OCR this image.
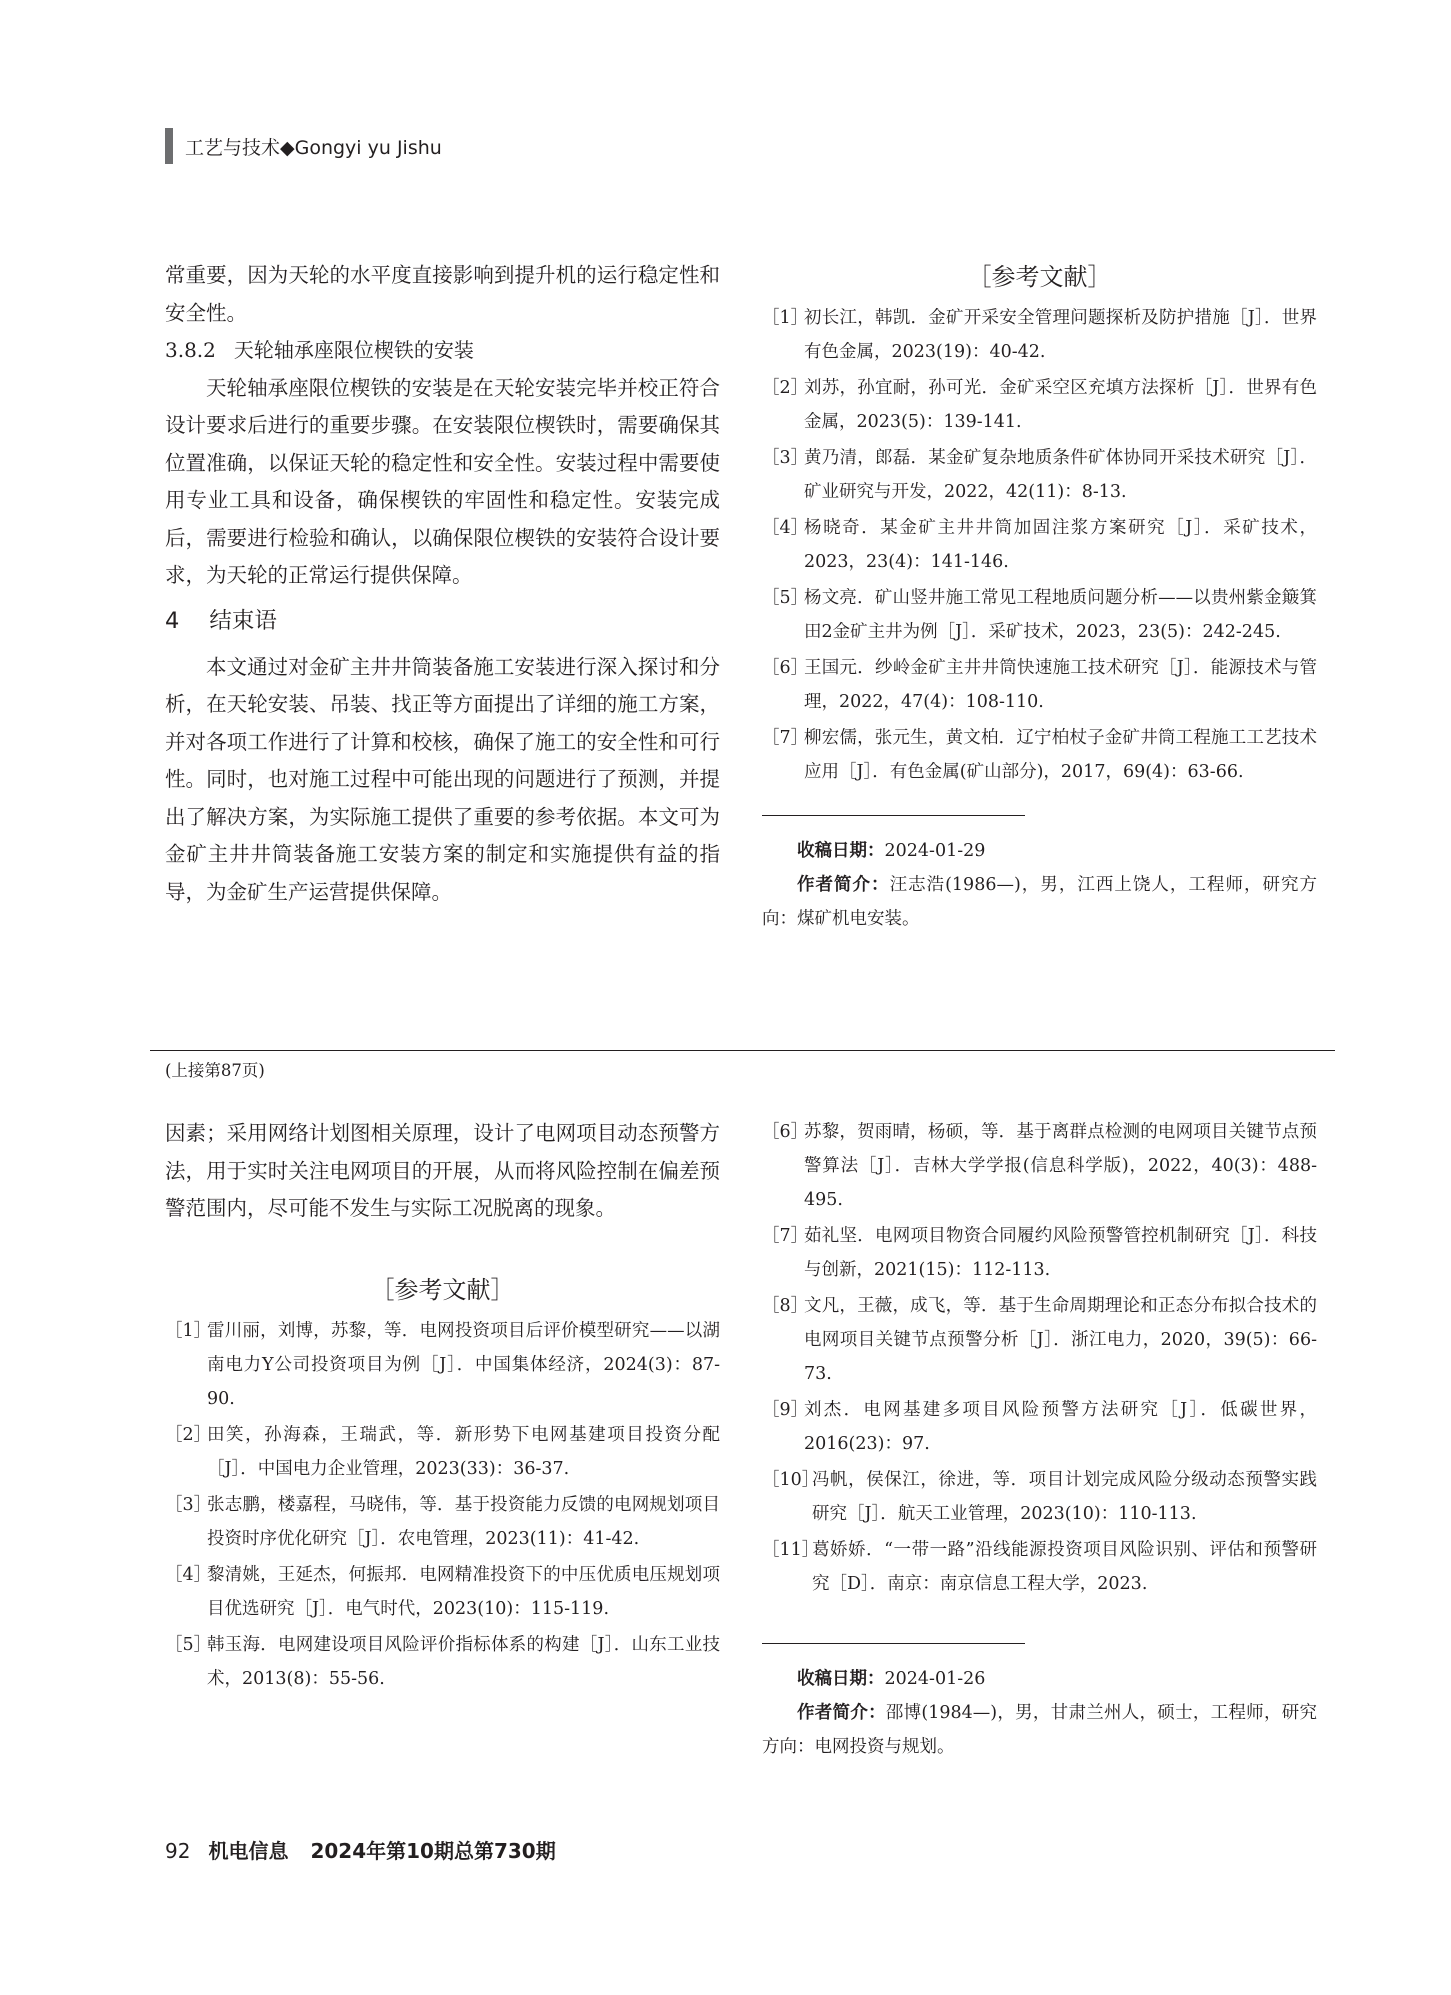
工艺与技术◆Gongyi yu Jishu

常重要，因为天轮的水平度直接影响到提升机的运行稳定性和安全性。

3.8.2 天轮轴承座限位楔铁的安装

天轮轴承座限位楔铁的安装是在天轮安装完毕并校正符合设计要求后进行的重要步骤。在安装限位楔铁时，需要确保其位置准确，以保证天轮的稳定性和安全性。安装过程中需要使用专业工具和设备，确保楔铁的牢固性和稳定性。安装完成后，需要进行检验和确认，以确保限位楔铁的安装符合设计要求，为天轮的正常运行提供保障。

4 结束语

本文通过对金矿主井井筒装备施工安装进行深入探讨和分析，在天轮安装、吊装、找正等方面提出了详细的施工方案，并对各项工作进行了计算和校核，确保了施工的安全性和可行性。同时，也对施工过程中可能出现的问题进行了预测，并提出了解决方案，为实际施工提供了重要的参考依据。本文可为金矿主井井筒装备施工安装方案的制定和实施提供有益的指导，为金矿生产运营提供保障。

［参考文献］
［1］
初长江，韩凯．金矿开采安全管理问题探析及防护措施［J］．世界有色金属，2023(19)：40-42.
［2］
刘苏，孙宜耐，孙可光．金矿采空区充填方法探析［J］．世界有色金属，2023(5)：139-141.
［3］
黄乃清，郎磊．某金矿复杂地质条件矿体协同开采技术研究［J］．矿业研究与开发，2022，42(11)：8-13.
［4］
杨晓奇．某金矿主井井筒加固注浆方案研究［J］．采矿技术，2023，23(4)：141-146.
［5］
杨文亮．矿山竖井施工常见工程地质问题分析——以贵州紫金簸箕田2金矿主井为例［J］．采矿技术，2023，23(5)：242-245.
［6］
王国元．纱岭金矿主井井筒快速施工技术研究［J］．能源技术与管理，2022，47(4)：108-110.
［7］
柳宏儒，张元生，黄文柏．辽宁柏杖子金矿井筒工程施工工艺技术应用［J］．有色金属(矿山部分)，2017，69(4)：63-66.
收稿日期：2024-01-29
作者简介：汪志浩(1986—)，男，江西上饶人，工程师，研究方向：煤矿机电安装。
(上接第87页)

因素；采用网络计划图相关原理，设计了电网项目动态预警方法，用于实时关注电网项目的开展，从而将风险控制在偏差预警范围内，尽可能不发生与实际工况脱离的现象。

［参考文献］
［1］
雷川丽，刘博，苏黎，等．电网投资项目后评价模型研究——以湖南电力Y公司投资项目为例［J］．中国集体经济，2024(3)：87-90.
［2］
田笑，孙海森，王瑞武，等．新形势下电网基建项目投资分配［J］．中国电力企业管理，2023(33)：36-37.
［3］
张志鹏，楼嘉程，马晓伟，等．基于投资能力反馈的电网规划项目投资时序优化研究［J］．农电管理，2023(11)：41-42.
［4］
黎清姚，王延杰，何振邦．电网精准投资下的中压优质电压规划项目优选研究［J］．电气时代，2023(10)：115-119.
［5］
韩玉海．电网建设项目风险评价指标体系的构建［J］．山东工业技术，2013(8)：55-56.
［6］
苏黎，贺雨晴，杨硕，等．基于离群点检测的电网项目关键节点预警算法［J］．吉林大学学报(信息科学版)，2022，40(3)：488-495.
［7］
茹礼坚．电网项目物资合同履约风险预警管控机制研究［J］．科技与创新，2021(15)：112-113.
［8］
文凡，王薇，成飞，等．基于生命周期理论和正态分布拟合技术的电网项目关键节点预警分析［J］．浙江电力，2020，39(5)：66-73.
［9］
刘杰．电网基建多项目风险预警方法研究［J］．低碳世界，2016(23)：97.
［10］
冯帆，侯保江，徐进，等．项目计划完成风险分级动态预警实践研究［J］．航天工业管理，2023(10)：110-113.
［11］
葛娇娇．“一带一路”沿线能源投资项目风险识别、评估和预警研究［D］．南京：南京信息工程大学，2023.
收稿日期：2024-01-26
作者简介：邵博(1984—)，男，甘肃兰州人，硕士，工程师，研究方向：电网投资与规划。
92 机电信息 2024年第10期总第730期
